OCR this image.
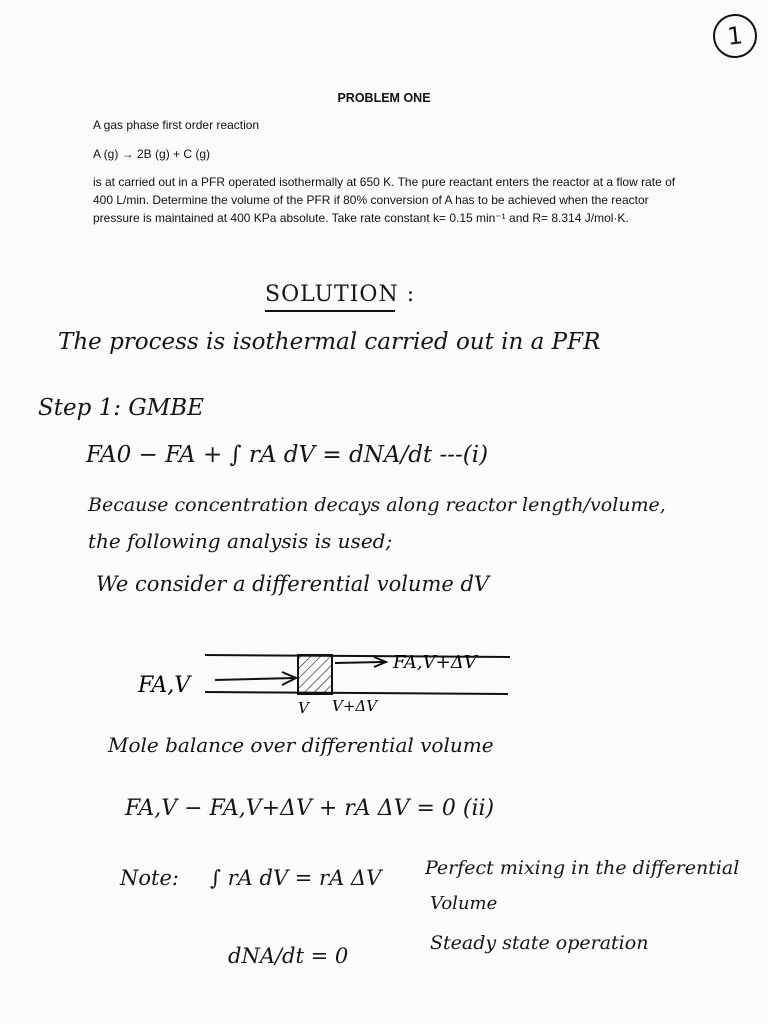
1
PROBLEM ONE
A gas phase first order reaction
A (g) → 2B (g) + C (g)
is at carried out in a PFR operated isothermally at 650 K. The pure reactant enters the reactor at a flow rate of 400 L/min. Determine the volume of the PFR if 80% conversion of A has to be achieved when the reactor pressure is maintained at 400 KPa absolute. Take rate constant k= 0.15 min⁻¹ and R= 8.314 J/mol·K.
SOLUTION :
The process is isothermal carried out in a PFR
Step 1: GMBE
FA0 − FA + ∫ rA dV = dNA/dt ---(i)
Because concentration decays along reactor length/volume,
the following analysis is used;
We consider a differential volume dV
FA,V
FA,V+ΔV
V V+ΔV
Mole balance over differential volume
FA,V − FA,V+ΔV + rA ΔV = 0 (ii)
Note: ∫ rA dV = rA ΔV Perfect mixing in the differential
Volume
dNA/dt = 0
Steady state operation
